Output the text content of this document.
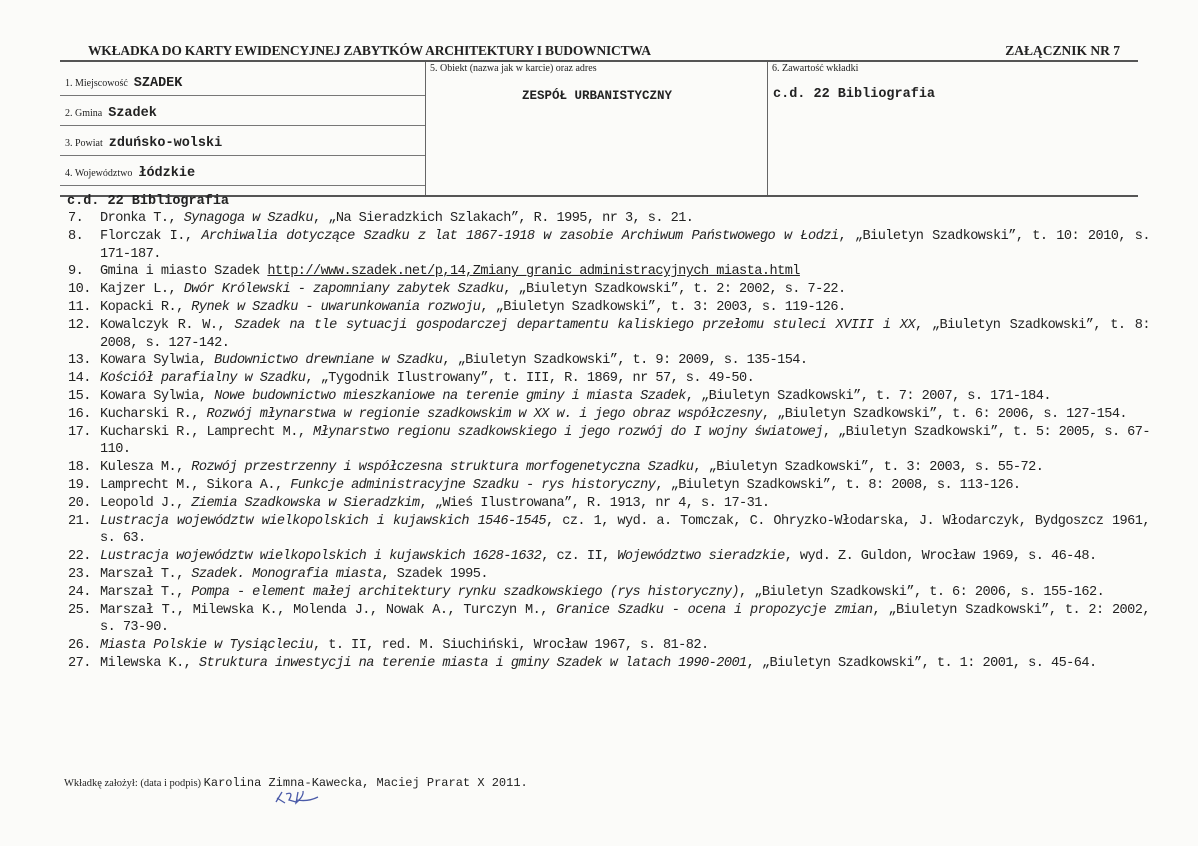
WKŁADKA DO KARTY EWIDENCYJNEJ ZABYTKÓW ARCHITEKTURY I BUDOWNICTWA	ZAŁĄCZNIK NR 7
1. Miejscowość SZADEK
2. Gmina Szadek
3. Powiat zduńsko-wolski
4. Województwo łódzkie
5. Obiekt (nazwa jak w karcie) oraz adres
ZESPÓŁ URBANISTYCZNY
6. Zawartość wkładki
c.d. 22 Bibliografia
c.d. 22 Bibliografia
7.	Dronka T., Synagoga w Szadku, „Na Sieradzkich Szlakach”, R. 1995, nr 3, s. 21.
8.	Florczak I., Archiwalia dotyczące Szadku z lat 1867-1918 w zasobie Archiwum Państwowego w Łodzi, „Biuletyn Szadkowski”, t. 10: 2010, s. 171-187.
9.	Gmina i miasto Szadek http://www.szadek.net/p,14,Zmiany_granic_administracyjnych_miasta.html
10. Kajzer L., Dwór Królewski - zapomniany zabytek Szadku, „Biuletyn Szadkowski”, t. 2: 2002, s. 7-22.
11. Kopacki R., Rynek w Szadku - uwarunkowania rozwoju, „Biuletyn Szadkowski”, t. 3: 2003, s. 119-126.
12. Kowalczyk R. W., Szadek na tle sytuacji gospodarczej departamentu kaliskiego przełomu stuleci XVIII i XX, „Biuletyn Szadkowski”, t. 8: 2008, s. 127-142.
13. Kowara Sylwia, Budownictwo drewniane w Szadku, „Biuletyn Szadkowski”, t. 9: 2009, s. 135-154.
14. Kościół parafialny w Szadku, „Tygodnik Ilustrowany”, t. III, R. 1869, nr 57, s. 49-50.
15. Kowara Sylwia, Nowe budownictwo mieszkaniowe na terenie gminy i miasta Szadek, „Biuletyn Szadkowski”, t. 7: 2007, s. 171-184.
16. Kucharski R., Rozwój młynarstwa w regionie szadkowskim w XX w. i jego obraz współczesny, „Biuletyn Szadkowski”, t. 6: 2006, s. 127-154.
17. Kucharski R., Lamprecht M., Młynarstwo regionu szadkowskiego i jego rozwój do I wojny światowej, „Biuletyn Szadkowski”, t. 5: 2005, s. 67-110.
18. Kulesza M., Rozwój przestrzenny i współczesna struktura morfogenetyczna Szadku, „Biuletyn Szadkowski”, t. 3: 2003, s. 55-72.
19. Lamprecht M., Sikora A., Funkcje administracyjne Szadku - rys historyczny, „Biuletyn Szadkowski”, t. 8: 2008, s. 113-126.
20. Leopold J., Ziemia Szadkowska w Sieradzkim, „Wieś Ilustrowana”, R. 1913, nr 4, s. 17-31.
21. Lustracja województw wielkopolskich i kujawskich 1546-1545, cz. 1, wyd. a. Tomczak, C. Ohryzko-Włodarska, J. Włodarczyk, Bydgoszcz 1961, s. 63.
22. Lustracja województw wielkopolskich i kujawskich 1628-1632, cz. II, Województwo sieradzkie, wyd. Z. Guldon, Wrocław 1969, s. 46-48.
23. Marszał T., Szadek. Monografia miasta, Szadek 1995.
24. Marszał T., Pompa - element małej architektury rynku szadkowskiego (rys historyczny), „Biuletyn Szadkowski”, t. 6: 2006, s. 155-162.
25. Marszał T., Milewska K., Molenda J., Nowak A., Turczyn M., Granice Szadku - ocena i propozycje zmian, „Biuletyn Szadkowski”, t. 2: 2002, s. 73-90.
26. Miasta Polskie w Tysiącleciu, t. II, red. M. Siuchiński, Wrocław 1967, s. 81-82.
27. Milewska K., Struktura inwestycji na terenie miasta i gminy Szadek w latach 1990-2001, „Biuletyn Szadkowski”, t. 1: 2001, s. 45-64.
Wkładkę założył: (data i podpis) Karolina Zimna-Kawecka, Maciej Prarat X 2011.
